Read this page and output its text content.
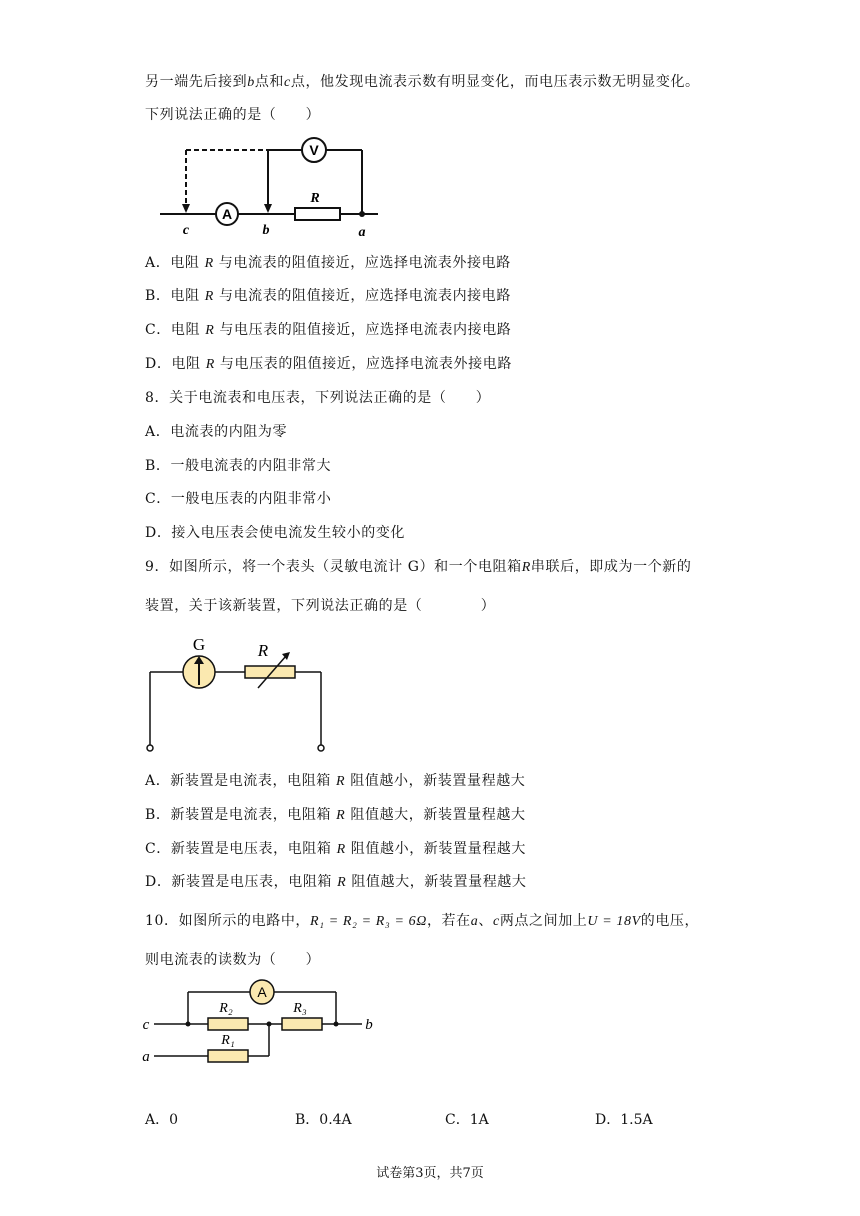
另一端先后接到b点和c点，他发现电流表示数有明显变化，而电压表示数无明显变化。
下列说法正确的是（　　）
A
R
V
c	b	a
A．电阻 R 与电流表的阻值接近，应选择电流表外接电路
B．电阻 R 与电流表的阻值接近，应选择电流表内接电路
C．电阻 R 与电压表的阻值接近，应选择电流表内接电路
D．电阻 R 与电压表的阻值接近，应选择电流表外接电路
8．关于电流表和电压表，下列说法正确的是（　　）
A．电流表的内阻为零
B．一般电流表的内阻非常大
C．一般电压表的内阻非常小
D．接入电压表会使电流发生较小的变化
9．如图所示，将一个表头（灵敏电流计 G）和一个电阻箱R串联后，即成为一个新的
装置，关于该新装置，下列说法正确的是（　　　　）
G	R
A．新装置是电流表，电阻箱 R 阻值越小，新装置量程越大
B．新装置是电流表，电阻箱 R 阻值越大，新装置量程越大
C．新装置是电压表，电阻箱 R 阻值越小，新装置量程越大
D．新装置是电压表，电阻箱 R 阻值越大，新装置量程越大
10．如图所示的电路中，R₁ = R₂ = R₃ = 6Ω，若在a、c两点之间加上U = 18V的电压，
则电流表的读数为（　　）
A
R₂	R₃
R₁
c	b
a
A．0	B．0.4A	C．1A	D．1.5A
试卷第3页，共7页
